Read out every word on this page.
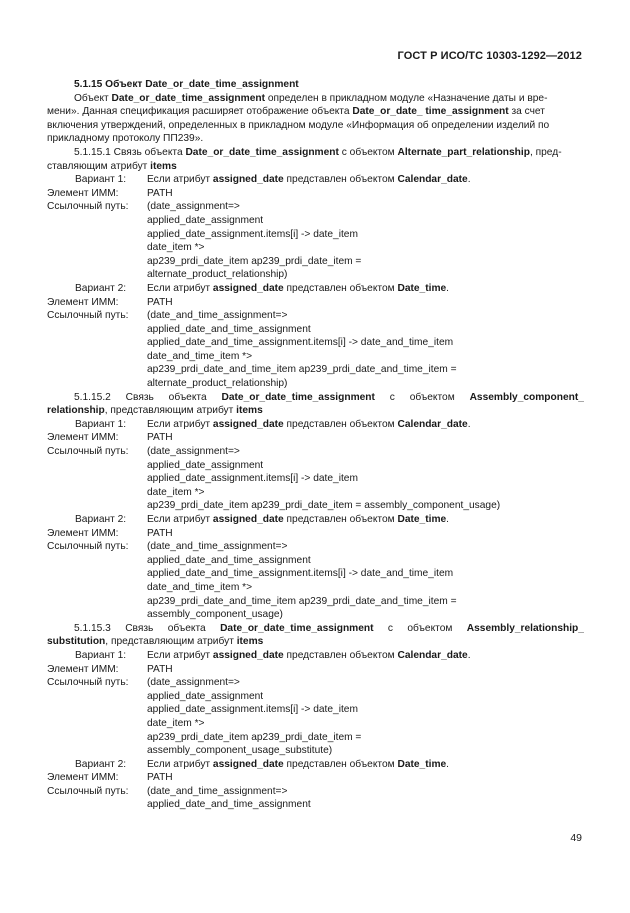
ГОСТ Р ИСО/ТС 10303-1292—2012
5.1.15 Объект Date_or_date_time_assignment
Объект Date_or_date_time_assignment определен в прикладном модуле «Назначение даты и вре-
мени». Данная спецификация расширяет отображение объекта Date_or_date_ time_assignment за счет
включения утверждений, определенных в прикладном модуле «Информация об определении изделий по
прикладному протоколу ПП239».
5.1.15.1 Связь объекта Date_or_date_time_assignment с объектом Alternate_part_relationship, пред-
ставляющим атрибут items
Вариант 1:	Если атрибут assigned_date представлен объектом Calendar_date.
Элемент ИММ:	PATH
Ссылочный путь:	(date_assignment=>
applied_date_assignment
applied_date_assignment.items[i] -> date_item
date_item *>
ap239_prdi_date_item ap239_prdi_date_item =
alternate_product_relationship)
Вариант 2:	Если атрибут assigned_date представлен объектом Date_time.
Элемент ИММ:	PATH
Ссылочный путь:	(date_and_time_assignment=>
applied_date_and_time_assignment
applied_date_and_time_assignment.items[i] -> date_and_time_item
date_and_time_item *>
ap239_prdi_date_and_time_item ap239_prdi_date_and_time_item =
alternate_product_relationship)
5.1.15.2 Связь объекта Date_or_date_time_assignment с объектом Assembly_component_
relationship, представляющим атрибут items
Вариант 1:	Если атрибут assigned_date представлен объектом Calendar_date.
Элемент ИММ:	PATH
Ссылочный путь:	(date_assignment=>
applied_date_assignment
applied_date_assignment.items[i] -> date_item
date_item *>
ap239_prdi_date_item ap239_prdi_date_item = assembly_component_usage)
Вариант 2:	Если атрибут assigned_date представлен объектом Date_time.
Элемент ИММ:	PATH
Ссылочный путь:	(date_and_time_assignment=>
applied_date_and_time_assignment
applied_date_and_time_assignment.items[i] -> date_and_time_item
date_and_time_item *>
ap239_prdi_date_and_time_item ap239_prdi_date_and_time_item =
assembly_component_usage)
5.1.15.3 Связь объекта Date_or_date_time_assignment с объектом Assembly_relationship_
substitution, представляющим атрибут items
Вариант 1:	Если атрибут assigned_date представлен объектом Calendar_date.
Элемент ИММ:	PATH
Ссылочный путь:	(date_assignment=>
applied_date_assignment
applied_date_assignment.items[i] -> date_item
date_item *>
ap239_prdi_date_item ap239_prdi_date_item =
assembly_component_usage_substitute)
Вариант 2:	Если атрибут assigned_date представлен объектом Date_time.
Элемент ИММ:	PATH
Ссылочный путь:	(date_and_time_assignment=>
applied_date_and_time_assignment
49
